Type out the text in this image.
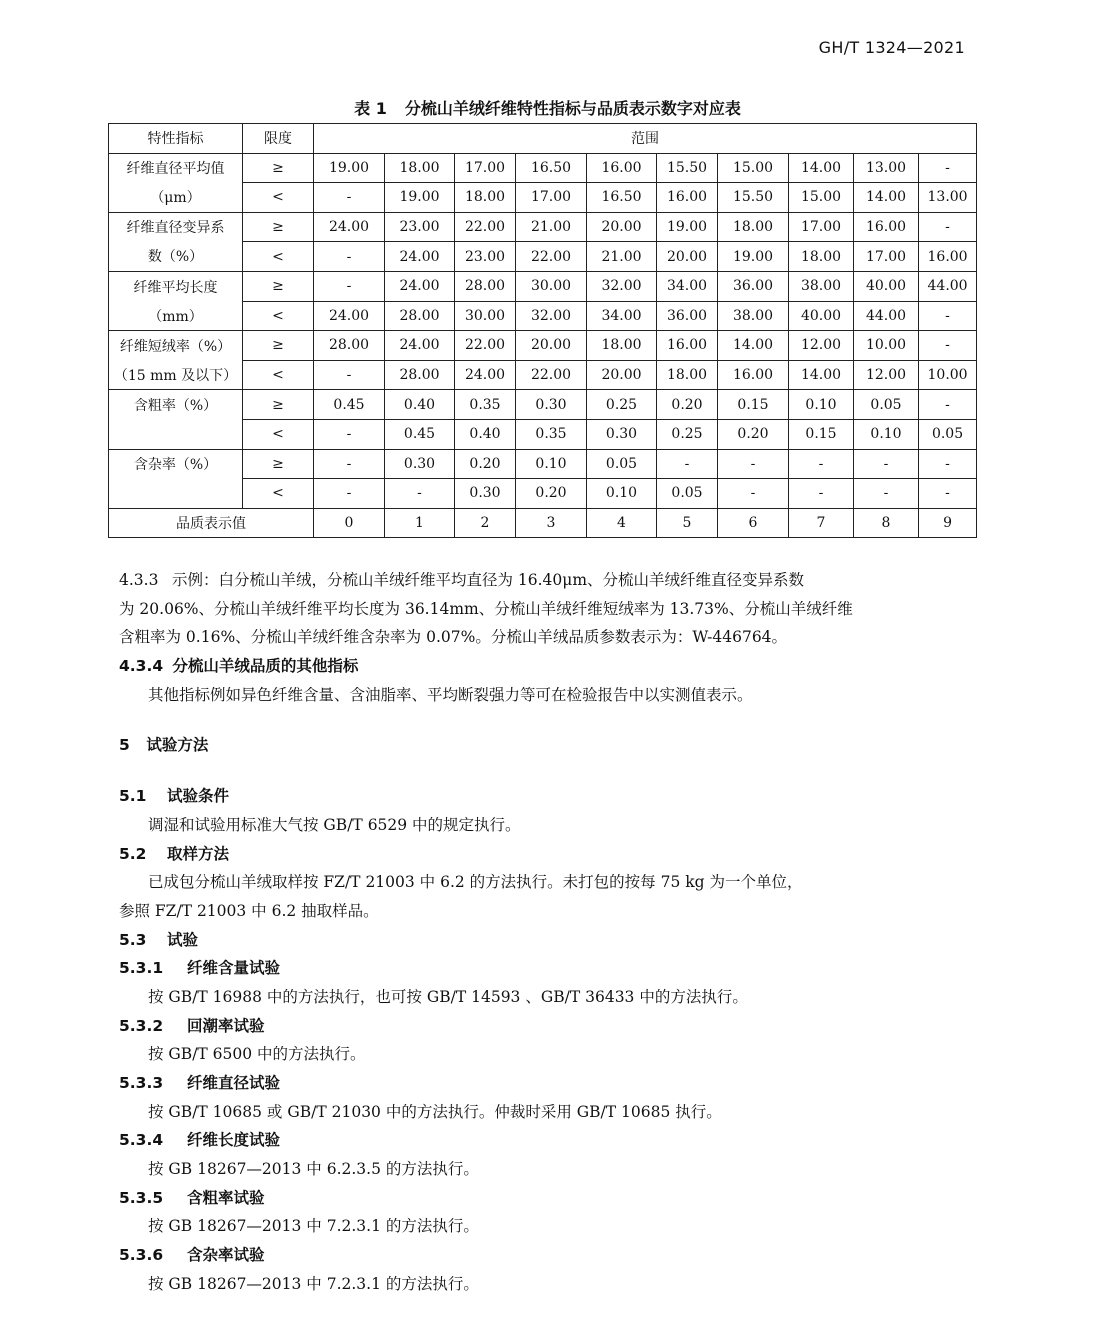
GH/T 1324—2021
表 1 分梳山羊绒纤维特性指标与品质表示数字对应表
特性指标	限度	范围									
纤维直径平均值	≥	19.00	18.00	17.00	16.50	16.00	15.50	15.00	14.00	13.00	-
（μm）	<	-	19.00	18.00	17.00	16.50	16.00	15.50	15.00	14.00	13.00
纤维直径变异系	≥	24.00	23.00	22.00	21.00	20.00	19.00	18.00	17.00	16.00	-
数（%）	<	-	24.00	23.00	22.00	21.00	20.00	19.00	18.00	17.00	16.00
纤维平均长度	≥	-	24.00	28.00	30.00	32.00	34.00	36.00	38.00	40.00	44.00
（mm）	<	24.00	28.00	30.00	32.00	34.00	36.00	38.00	40.00	44.00	-
纤维短绒率（%）	≥	28.00	24.00	22.00	20.00	18.00	16.00	14.00	12.00	10.00	-
（15 mm 及以下）	<	-	28.00	24.00	22.00	20.00	18.00	16.00	14.00	12.00	10.00
含粗率（%）	≥	0.45	0.40	0.35	0.30	0.25	0.20	0.15	0.10	0.05	-
	<	-	0.45	0.40	0.35	0.30	0.25	0.20	0.15	0.10	0.05
含杂率（%）	≥	-	0.30	0.20	0.10	0.05	-	-	-	-	-
	<	-	-	0.30	0.20	0.10	0.05	-	-	-	-
品质表示值		0	1	2	3	4	5	6	7	8	9
4.3.3 示例：白分梳山羊绒，分梳山羊绒纤维平均直径为 16.40μm、分梳山羊绒纤维直径变异系数
为 20.06%、分梳山羊绒纤维平均长度为 36.14mm、分梳山羊绒纤维短绒率为 13.73%、分梳山羊绒纤维
含粗率为 0.16%、分梳山羊绒纤维含杂率为 0.07%。分梳山羊绒品质参数表示为：W-446764。
4.3.4 分梳山羊绒品质的其他指标
其他指标例如异色纤维含量、含油脂率、平均断裂强力等可在检验报告中以实测值表示。
5 试验方法
5.1 试验条件
调湿和试验用标准大气按 GB/T 6529 中的规定执行。
5.2 取样方法
已成包分梳山羊绒取样按 FZ/T 21003 中 6.2 的方法执行。未打包的按每 75 kg 为一个单位，
参照 FZ/T 21003 中 6.2 抽取样品。
5.3 试验
5.3.1 纤维含量试验
按 GB/T 16988 中的方法执行，也可按 GB/T 14593 、GB/T 36433 中的方法执行。
5.3.2 回潮率试验
按 GB/T 6500 中的方法执行。
5.3.3 纤维直径试验
按 GB/T 10685 或 GB/T 21030 中的方法执行。仲裁时采用 GB/T 10685 执行。
5.3.4 纤维长度试验
按 GB 18267—2013 中 6.2.3.5 的方法执行。
5.3.5 含粗率试验
按 GB 18267—2013 中 7.2.3.1 的方法执行。
5.3.6 含杂率试验
按 GB 18267—2013 中 7.2.3.1 的方法执行。
